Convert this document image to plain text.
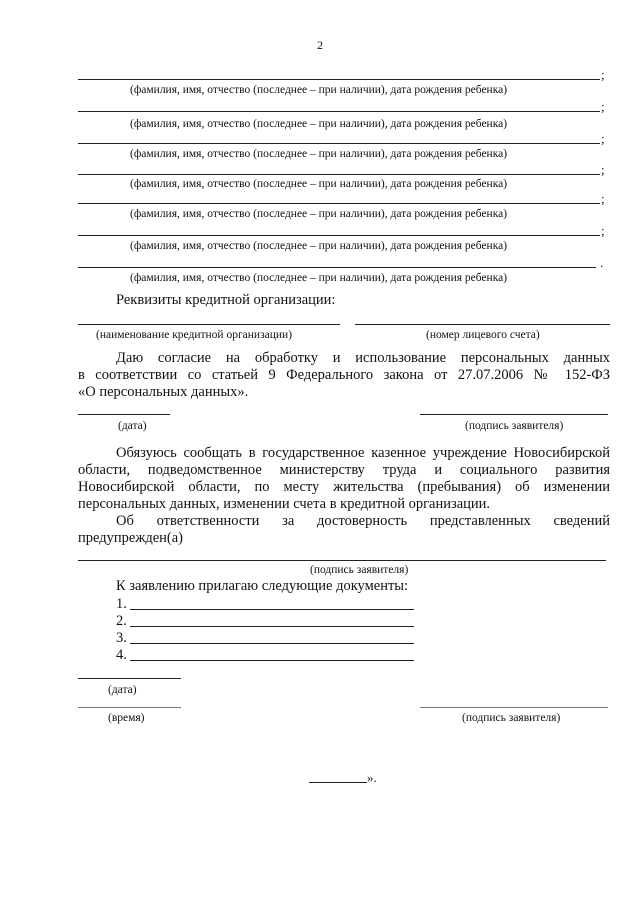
2
;
(фамилия, имя, отчество (последнее – при наличии), дата рождения ребенка)
;
(фамилия, имя, отчество (последнее – при наличии), дата рождения ребенка)
;
(фамилия, имя, отчество (последнее – при наличии), дата рождения ребенка)
;
(фамилия, имя, отчество (последнее – при наличии), дата рождения ребенка)
;
(фамилия, имя, отчество (последнее – при наличии), дата рождения ребенка)
;
(фамилия, имя, отчество (последнее – при наличии), дата рождения ребенка)
.
(фамилия, имя, отчество (последнее – при наличии), дата рождения ребенка)
Реквизиты кредитной организации:
(наименование кредитной организации)	(номер лицевого счета)
Даю согласие на обработку и использование персональных данных
в соответствии со статьей 9 Федерального закона от 27.07.2006 № 152-ФЗ
«О персональных данных».
(дата)	(подпись заявителя)
Обязуюсь сообщать в государственное казенное учреждение Новосибирской
области, подведомственное министерству труда и социального развития
Новосибирской области, по месту жительства (пребывания) об изменении
персональных данных, изменении счета в кредитной организации.
Об ответственности за достоверность представленных сведений
предупрежден(а)
(подпись заявителя)
К заявлению прилагаю следующие документы:
1.
2.
3.
4.
(дата)
(время)	(подпись заявителя)
».
